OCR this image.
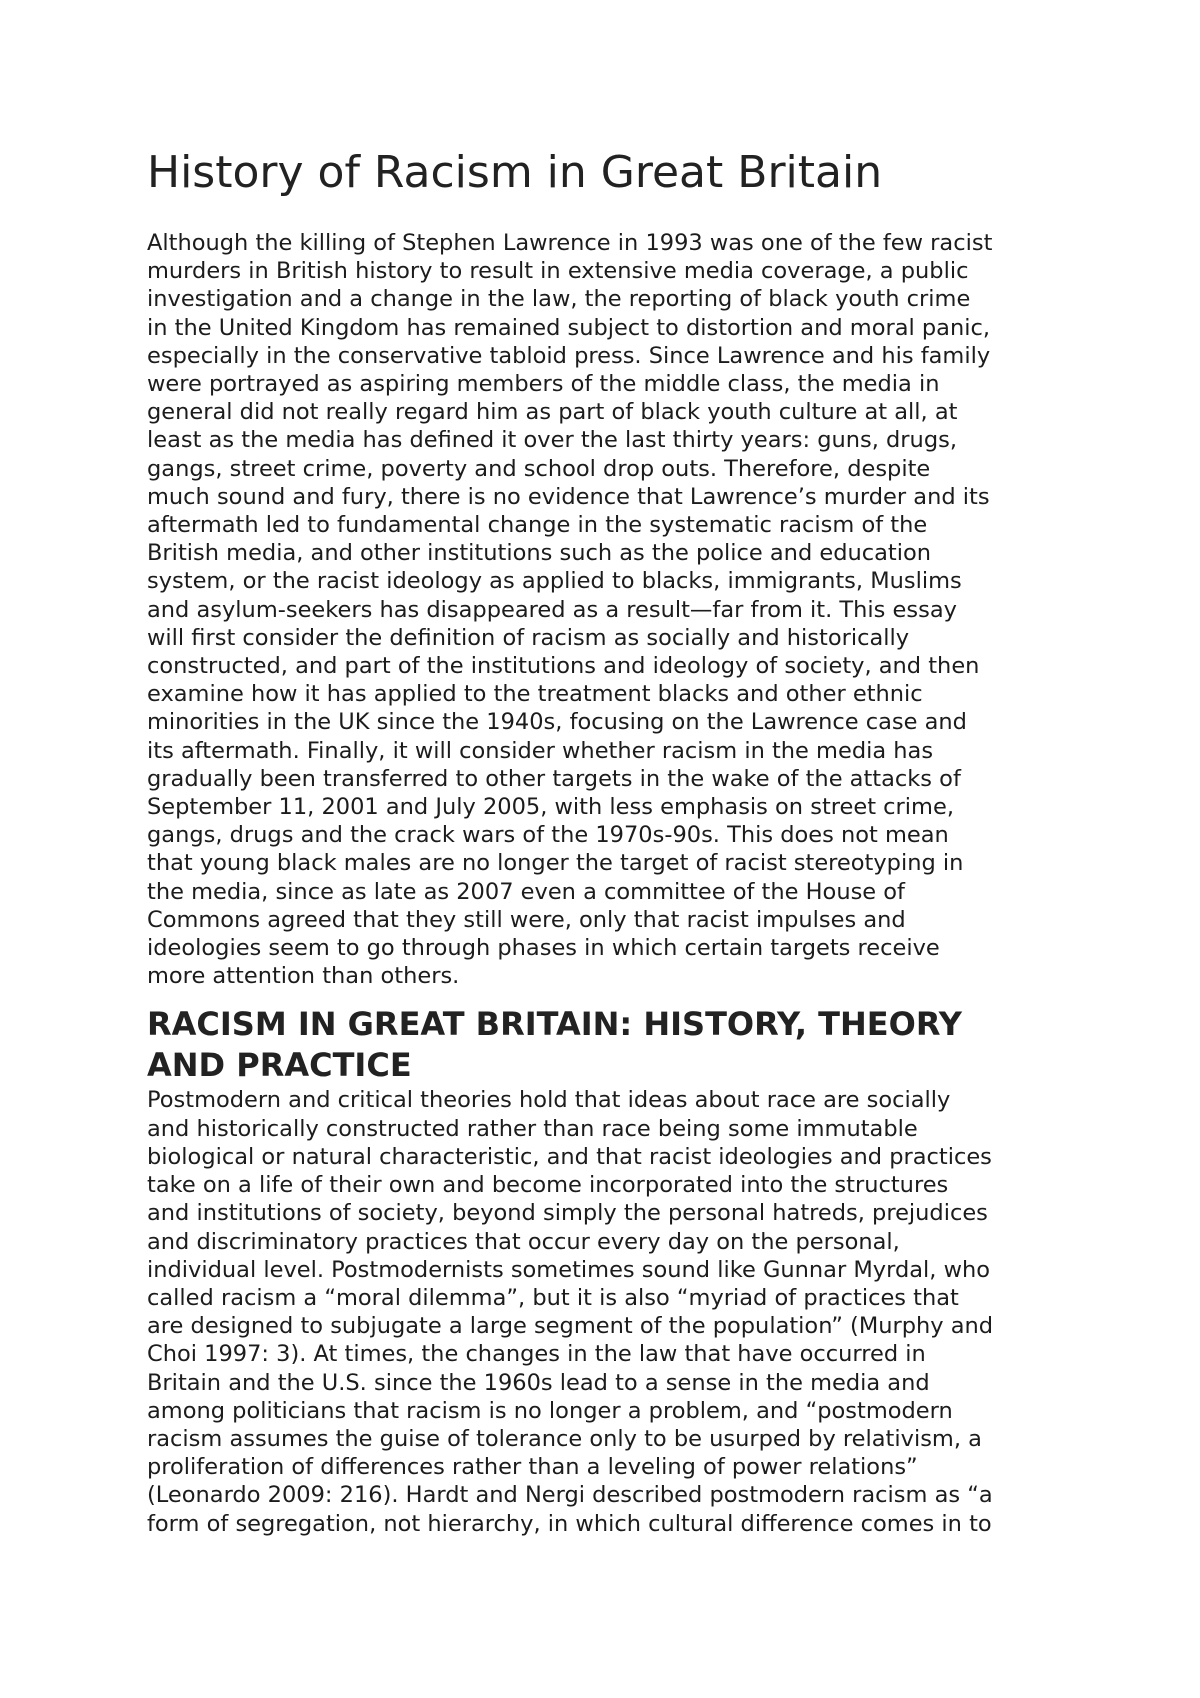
History of Racism in Great Britain
Although the killing of Stephen Lawrence in 1993 was one of the few racist
murders in British history to result in extensive media coverage, a public
investigation and a change in the law, the reporting of black youth crime
in the United Kingdom has remained subject to distortion and moral panic,
especially in the conservative tabloid press. Since Lawrence and his family
were portrayed as aspiring members of the middle class, the media in
general did not really regard him as part of black youth culture at all, at
least as the media has defined it over the last thirty years: guns, drugs,
gangs, street crime, poverty and school drop outs. Therefore, despite
much sound and fury, there is no evidence that Lawrence’s murder and its
aftermath led to fundamental change in the systematic racism of the
British media, and other institutions such as the police and education
system, or the racist ideology as applied to blacks, immigrants, Muslims
and asylum-seekers has disappeared as a result—far from it. This essay
will first consider the definition of racism as socially and historically
constructed, and part of the institutions and ideology of society, and then
examine how it has applied to the treatment blacks and other ethnic
minorities in the UK since the 1940s, focusing on the Lawrence case and
its aftermath. Finally, it will consider whether racism in the media has
gradually been transferred to other targets in the wake of the attacks of
September 11, 2001 and July 2005, with less emphasis on street crime,
gangs, drugs and the crack wars of the 1970s-90s. This does not mean
that young black males are no longer the target of racist stereotyping in
the media, since as late as 2007 even a committee of the House of
Commons agreed that they still were, only that racist impulses and
ideologies seem to go through phases in which certain targets receive
more attention than others.
RACISM IN GREAT BRITAIN: HISTORY, THEORY
AND PRACTICE
Postmodern and critical theories hold that ideas about race are socially
and historically constructed rather than race being some immutable
biological or natural characteristic, and that racist ideologies and practices
take on a life of their own and become incorporated into the structures
and institutions of society, beyond simply the personal hatreds, prejudices
and discriminatory practices that occur every day on the personal,
individual level. Postmodernists sometimes sound like Gunnar Myrdal, who
called racism a “moral dilemma”, but it is also “myriad of practices that
are designed to subjugate a large segment of the population” (Murphy and
Choi 1997: 3). At times, the changes in the law that have occurred in
Britain and the U.S. since the 1960s lead to a sense in the media and
among politicians that racism is no longer a problem, and “postmodern
racism assumes the guise of tolerance only to be usurped by relativism, a
proliferation of differences rather than a leveling of power relations”
(Leonardo 2009: 216). Hardt and Nergi described postmodern racism as “a
form of segregation, not hierarchy, in which cultural difference comes in to
